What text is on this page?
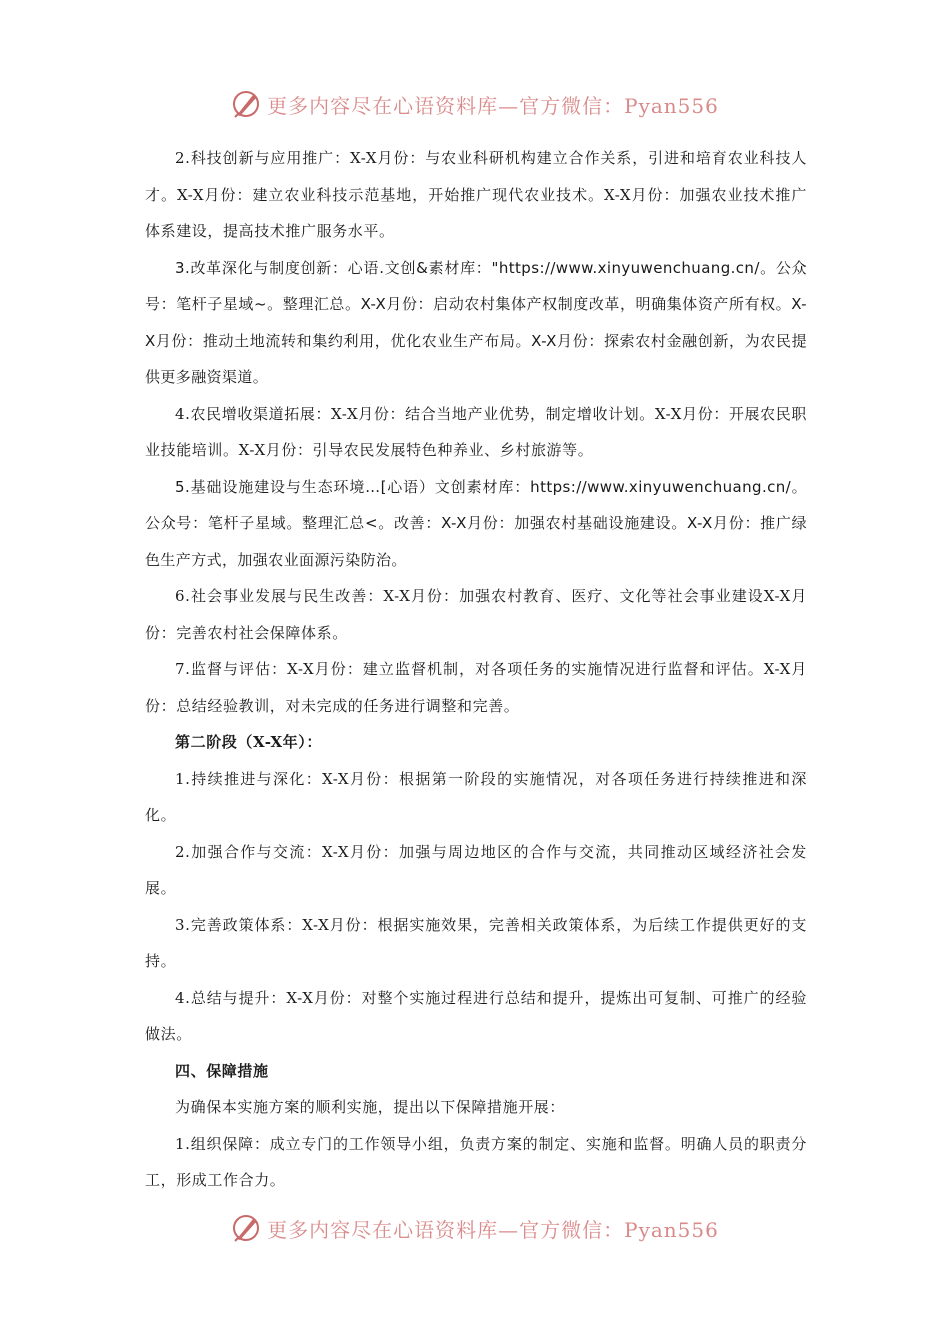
更多内容尽在心语资料库—官方微信：Pyan556

2.科技创新与应用推广：X-X月份：与农业科研机构建立合作关系，引进和培育农业科技人才。X-X月份：建立农业科技示范基地，开始推广现代农业技术。X-X月份：加强农业技术推广体系建设，提高技术推广服务水平。

3.改革深化与制度创新：心语.文创&素材库："https://www.xinyuwenchuang.cn/。公众号：笔杆子星域~。整理汇总。X-X月份：启动农村集体产权制度改革，明确集体资产所有权。X-X月份：推动土地流转和集约利用，优化农业生产布局。X-X月份：探索农村金融创新，为农民提供更多融资渠道。

4.农民增收渠道拓展：X-X月份：结合当地产业优势，制定增收计划。X-X月份：开展农民职业技能培训。X-X月份：引导农民发展特色种养业、乡村旅游等。

5.基础设施建设与生态环境…[心语）文创素材库：https://www.xinyuwenchuang.cn/。公众号：笔杆子星域。整理汇总<。改善：X-X月份：加强农村基础设施建设。X-X月份：推广绿色生产方式，加强农业面源污染防治。

6.社会事业发展与民生改善：X-X月份：加强农村教育、医疗、文化等社会事业建设X-X月份：完善农村社会保障体系。

7.监督与评估：X-X月份：建立监督机制，对各项任务的实施情况进行监督和评估。X-X月份：总结经验教训，对未完成的任务进行调整和完善。

第二阶段（X-X年）：

1.持续推进与深化：X-X月份：根据第一阶段的实施情况，对各项任务进行持续推进和深化。

2.加强合作与交流：X-X月份：加强与周边地区的合作与交流，共同推动区域经济社会发展。

3.完善政策体系：X-X月份：根据实施效果，完善相关政策体系，为后续工作提供更好的支持。

4.总结与提升：X-X月份：对整个实施过程进行总结和提升，提炼出可复制、可推广的经验做法。

四、保障措施

为确保本实施方案的顺利实施，提出以下保障措施开展：

1.组织保障：成立专门的工作领导小组，负责方案的制定、实施和监督。明确人员的职责分工，形成工作合力。

更多内容尽在心语资料库—官方微信：Pyan556
